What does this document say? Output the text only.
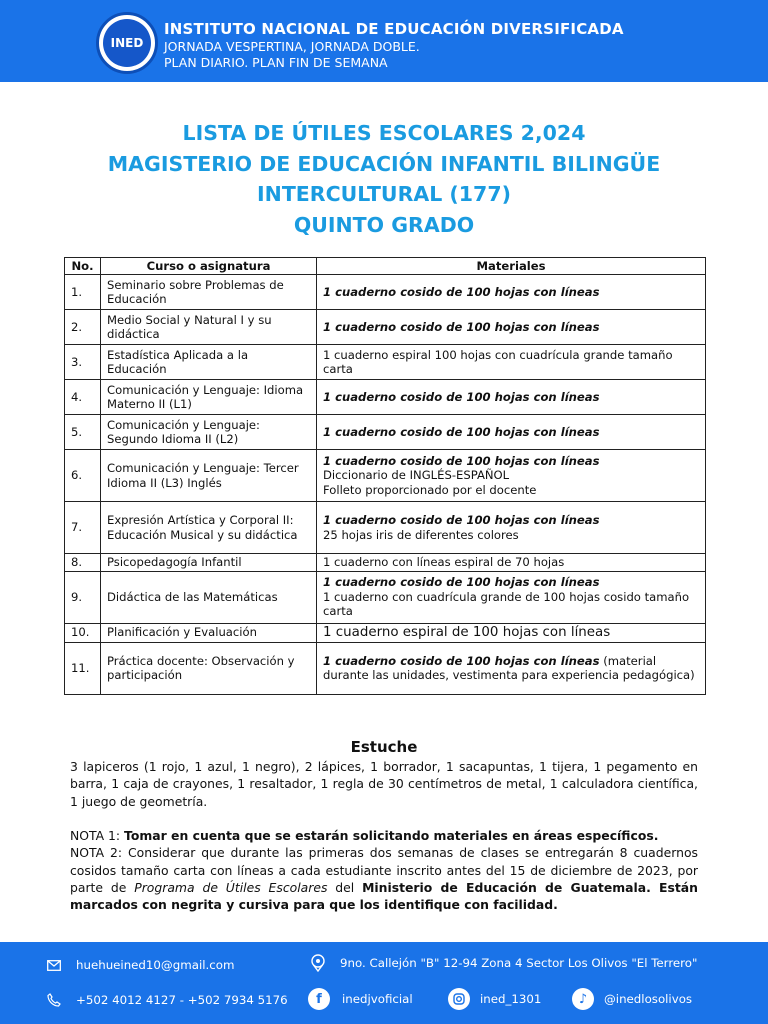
INED
INSTITUTO NACIONAL DE EDUCACIÓN DIVERSIFICADA
JORNADA VESPERTINA, JORNADA DOBLE.
PLAN DIARIO. PLAN FIN DE SEMANA
LISTA DE ÚTILES ESCOLARES 2,024
MAGISTERIO DE EDUCACIÓN INFANTIL BILINGÜE
INTERCULTURAL (177)
QUINTO GRADO
No.	Curso o asignatura	Materiales
1.	Seminario sobre Problemas de Educación	1 cuaderno cosido de 100 hojas con líneas
2.	Medio Social y Natural I y su didáctica	1 cuaderno cosido de 100 hojas con líneas
3.	Estadística Aplicada a la Educación	1 cuaderno espiral 100 hojas con cuadrícula grande tamaño carta
4.	Comunicación y Lenguaje: Idioma Materno II (L1)	1 cuaderno cosido de 100 hojas con líneas
5.	Comunicación y Lenguaje: Segundo Idioma II (L2)	1 cuaderno cosido de 100 hojas con líneas
6.	Comunicación y Lenguaje: Tercer Idioma II (L3) Inglés	1 cuaderno cosido de 100 hojas con líneas
Diccionario de INGLÉS-ESPAÑOL
Folleto proporcionado por el docente

7.	Expresión Artística y Corporal II: Educación Musical y su didáctica	1 cuaderno cosido de 100 hojas con líneas
25 hojas iris de diferentes colores

8.	Psicopedagogía Infantil	1 cuaderno con líneas espiral de 70 hojas
9.	Didáctica de las Matemáticas	1 cuaderno cosido de 100 hojas con líneas
1 cuaderno con cuadrícula grande de 100 hojas cosido tamaño carta

10.	Planificación y Evaluación	1 cuaderno espiral de 100 hojas con líneas
11.	Práctica docente: Observación y participación	1 cuaderno cosido de 100 hojas con líneas (material durante las unidades, vestimenta para experiencia pedagógica)
Estuche
3 lapiceros (1 rojo, 1 azul, 1 negro), 2 lápices, 1 borrador, 1 sacapuntas, 1 tijera, 1 pegamento en barra, 1 caja de crayones, 1 resaltador, 1 regla de 30 centímetros de metal, 1 calculadora científica, 1 juego de geometría.
NOTA 1: Tomar en cuenta que se estarán solicitando materiales en áreas específicos.
NOTA 2: Considerar que durante las primeras dos semanas de clases se entregarán 8 cuadernos cosidos tamaño carta con líneas a cada estudiante inscrito antes del 15 de diciembre de 2023, por parte de Programa de Útiles Escolares del Ministerio de Educación de Guatemala. Están marcados con negrita y cursiva para que los identifique con facilidad.
huehueined10@gmail.com	9no. Callejón "B" 12-94 Zona 4 Sector Los Olivos "El Terrero"
+502 4012 4127 - +502 7934 5176	f	inedjvoficial	ined_1301	♪	@inedlosolivos
